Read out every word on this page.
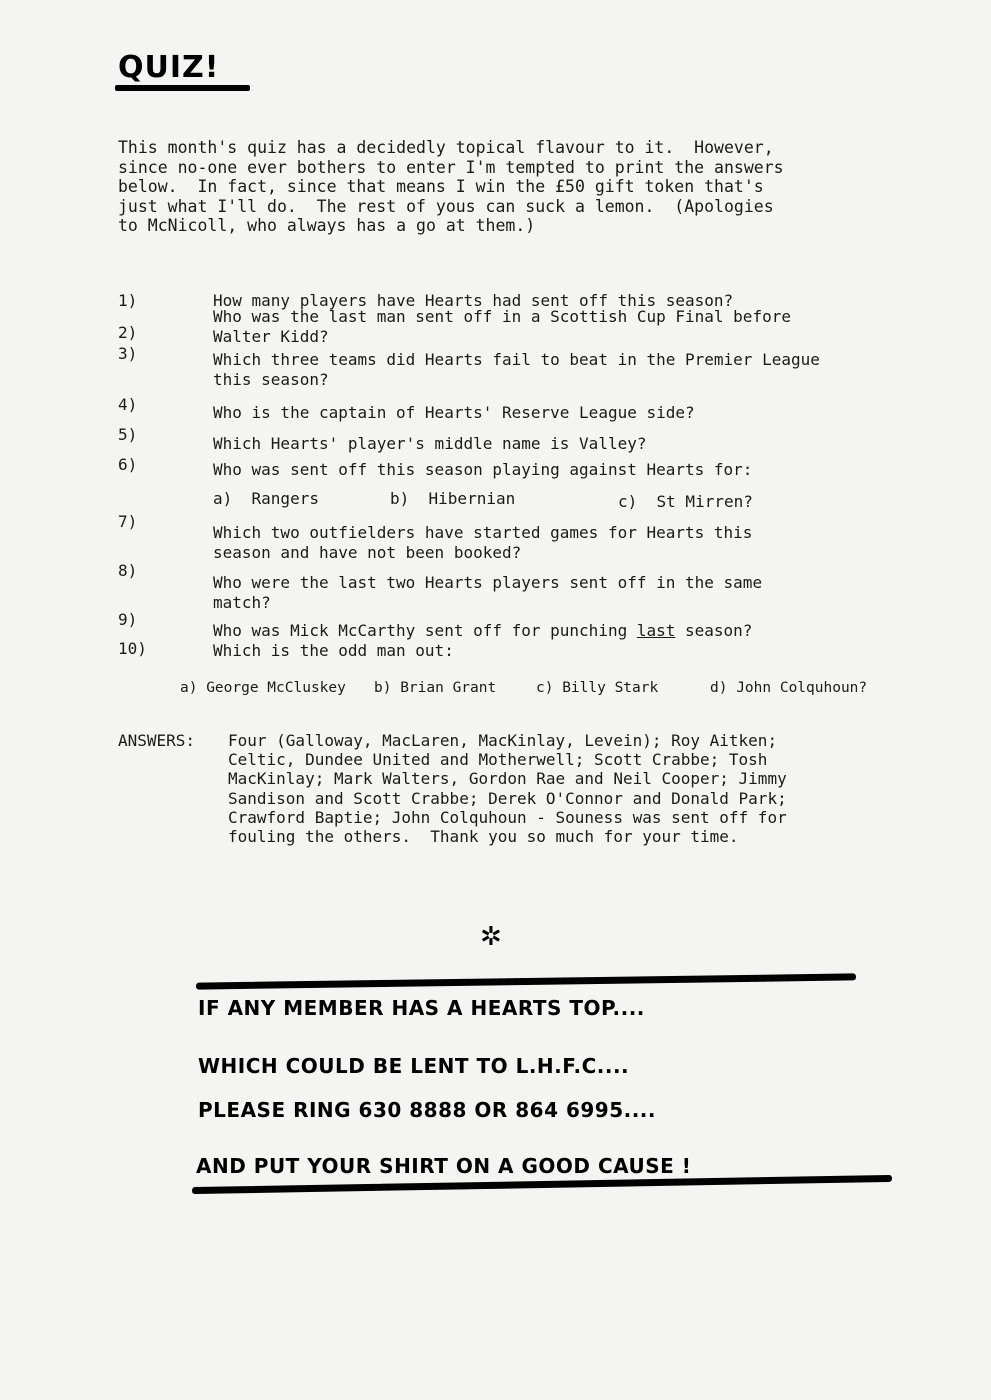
QUIZ!

This month's quiz has a decidedly topical flavour to it.  However,
since no-one ever bothers to enter I'm tempted to print the answers
below.  In fact, since that means I win the £50 gift token that's
just what I'll do.  The rest of yous can suck a lemon.  (Apologies
to McNicoll, who always has a go at them.)

1)	How many players have Hearts had sent off this season?
2)
Who was the last man sent off in a Scottish Cup Final before
Walter Kidd?
3)	Which three teams did Hearts fail to beat in the Premier League
this season?
4)	Who is the captain of Hearts' Reserve League side?
5)	Which Hearts' player's middle name is Valley?
6)	Who was sent off this season playing against Hearts for:
a)  Rangers	b)  Hibernian	c)  St Mirren?
7)
Which two outfielders have started games for Hearts this
season and have not been booked?
8)
Who were the last two Hearts players sent off in the same
match?
9)
Who was Mick McCarthy sent off for punching last season?
10)	Which is the odd man out:
a) George McCluskey b) Brian Grant	c) Billy Stark	d) John Colquhoun?
ANSWERS: Four (Galloway, MacLaren, MacKinlay, Levein); Roy Aitken;
Celtic, Dundee United and Motherwell; Scott Crabbe; Tosh
MacKinlay; Mark Walters, Gordon Rae and Neil Cooper; Jimmy
Sandison and Scott Crabbe; Derek O'Connor and Donald Park;
Crawford Baptie; John Colquhoun - Souness was sent off for
fouling the others.  Thank you so much for your time.

✲
IF ANY MEMBER HAS A HEARTS TOP....
WHICH COULD BE LENT TO L.H.F.C....
PLEASE RING 630 8888 OR 864 6995....
AND PUT YOUR SHIRT ON A GOOD CAUSE !
